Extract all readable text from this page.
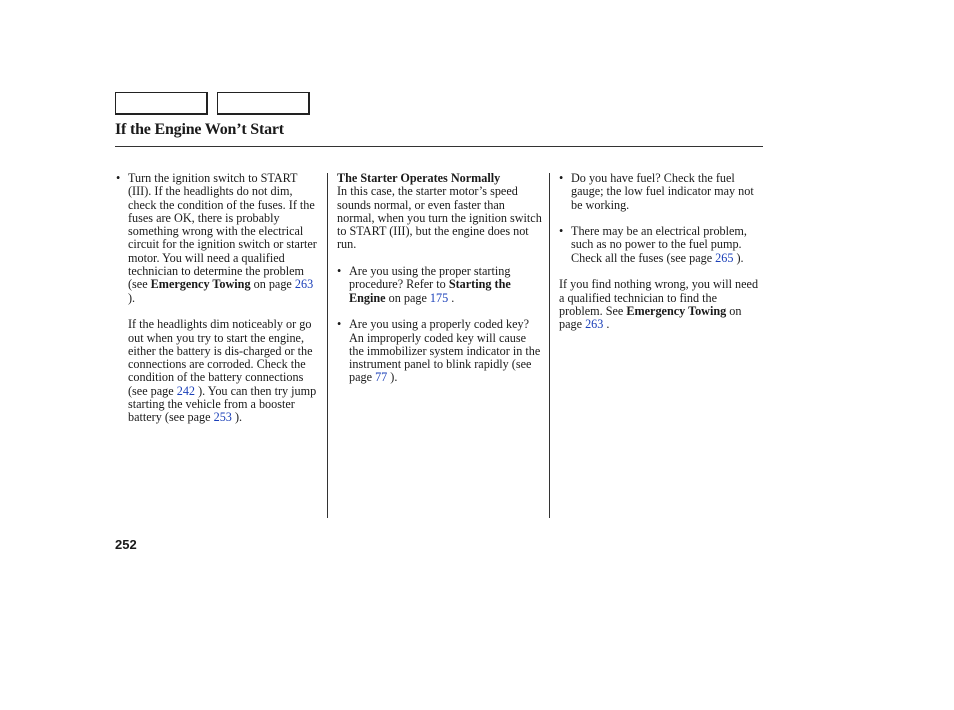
If the Engine Won’t Start

• Turn the ignition switch to START (III). If the headlights do not dim, check the condition of the fuses. If the fuses are OK, there is probably something wrong with the electrical circuit for the ignition switch or starter motor. You will need a qualified technician to determine the problem (see Emergency Towing on page 263 ).

If the headlights dim noticeably or go out when you try to start the engine, either the battery is dis-charged or the connections are corroded. Check the condition of the battery connections (see page 242 ). You can then try jump starting the vehicle from a booster battery (see page 253 ).

The Starter Operates Normally

In this case, the starter motor’s speed sounds normal, or even faster than normal, when you turn the ignition switch to START (III), but the engine does not run.

• Are you using the proper starting procedure? Refer to Starting the Engine on page 175 .

• Are you using a properly coded key? An improperly coded key will cause the immobilizer system indicator in the instrument panel to blink rapidly (see page 77 ).

• Do you have fuel? Check the fuel gauge; the low fuel indicator may not be working.

• There may be an electrical problem, such as no power to the fuel pump. Check all the fuses (see page 265 ).

If you find nothing wrong, you will need a qualified technician to find the problem. See Emergency Towing on page 263 .

252
